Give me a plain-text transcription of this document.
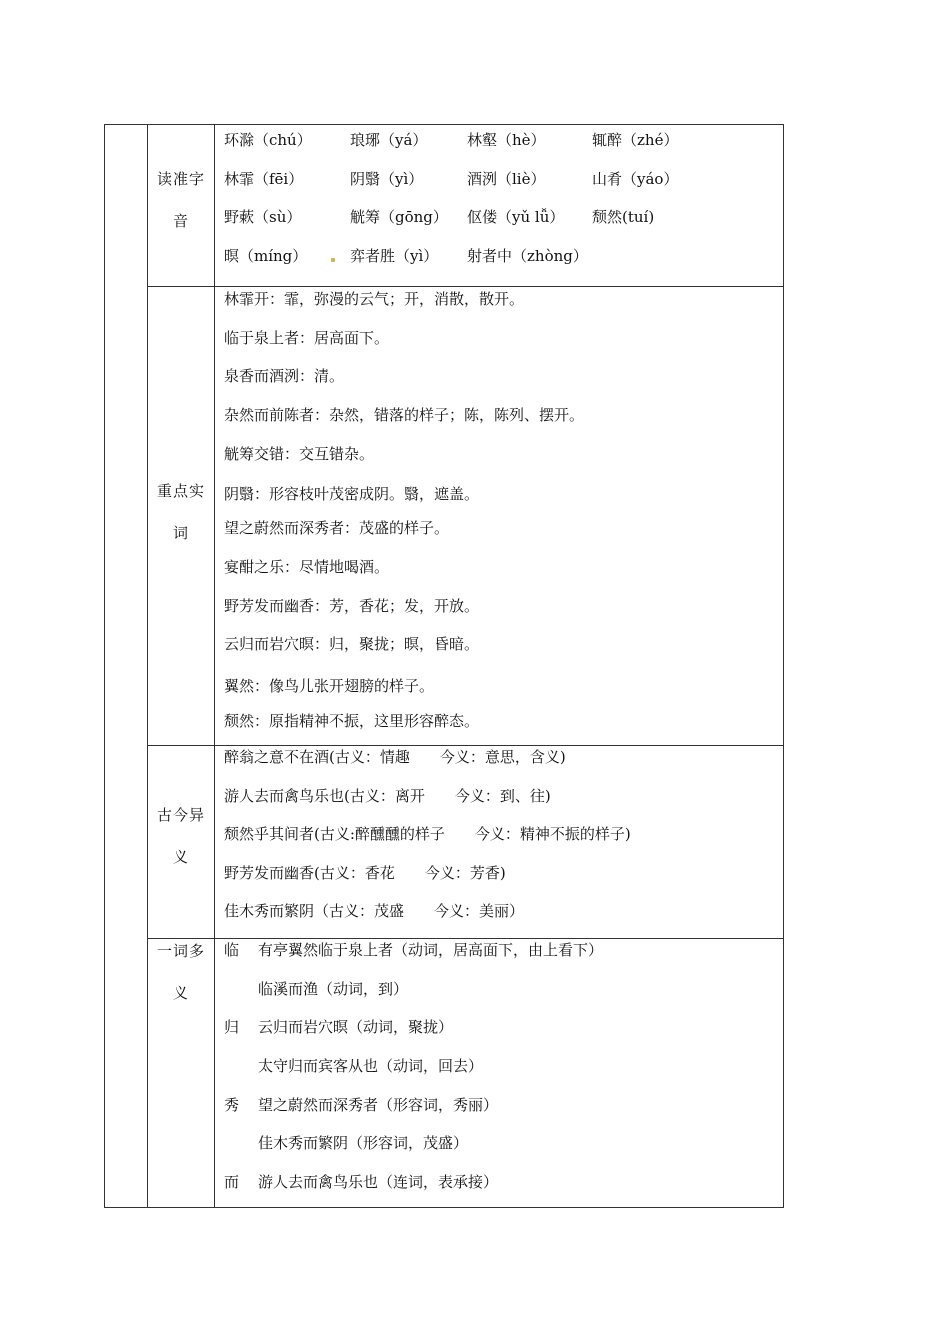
读准字
音
环滁（chú）	琅琊（yá）	林壑（hè）	辄醉（zhé）
林霏（fēi）	阴翳（yì）	酒洌（liè）	山肴（yáo）
野蔌（sù）	觥筹（gōng） 伛偻（yǔ lǚ） 颓然(tuí)
暝（míng）	弈者胜（yì） 射者中（zhòng）
重点实
词
林霏开：霏，弥漫的云气；开，消散，散开。
临于泉上者：居高面下。
泉香而酒洌：清。
杂然而前陈者：杂然，错落的样子；陈，陈列、摆开。
觥筹交错：交互错杂。
阴翳：形容枝叶茂密成阴。翳，遮盖。
望之蔚然而深秀者：茂盛的样子。
宴酣之乐：尽情地喝酒。
野芳发而幽香：芳，香花；发，开放。
云归而岩穴暝：归，聚拢；暝，昏暗。
翼然：像鸟儿张开翅膀的样子。
颓然：原指精神不振，这里形容醉态。
古今异
义
醉翁之意不在酒(古义：情趣　　今义：意思，含义)
游人去而禽鸟乐也(古义：离开　　今义：到、往)
颓然乎其间者(古义:醉醺醺的样子　　今义：精神不振的样子)
野芳发而幽香(古义：香花　　今义：芳香)
佳木秀而繁阴（古义：茂盛　　今义：美丽）
一词多
义
临 有亭翼然临于泉上者（动词，居高面下，由上看下）
临溪而渔（动词，到）
归 云归而岩穴暝（动词，聚拢）
太守归而宾客从也（动词，回去）
秀 望之蔚然而深秀者（形容词，秀丽）
佳木秀而繁阴（形容词，茂盛）
而 游人去而禽鸟乐也（连词，表承接）
